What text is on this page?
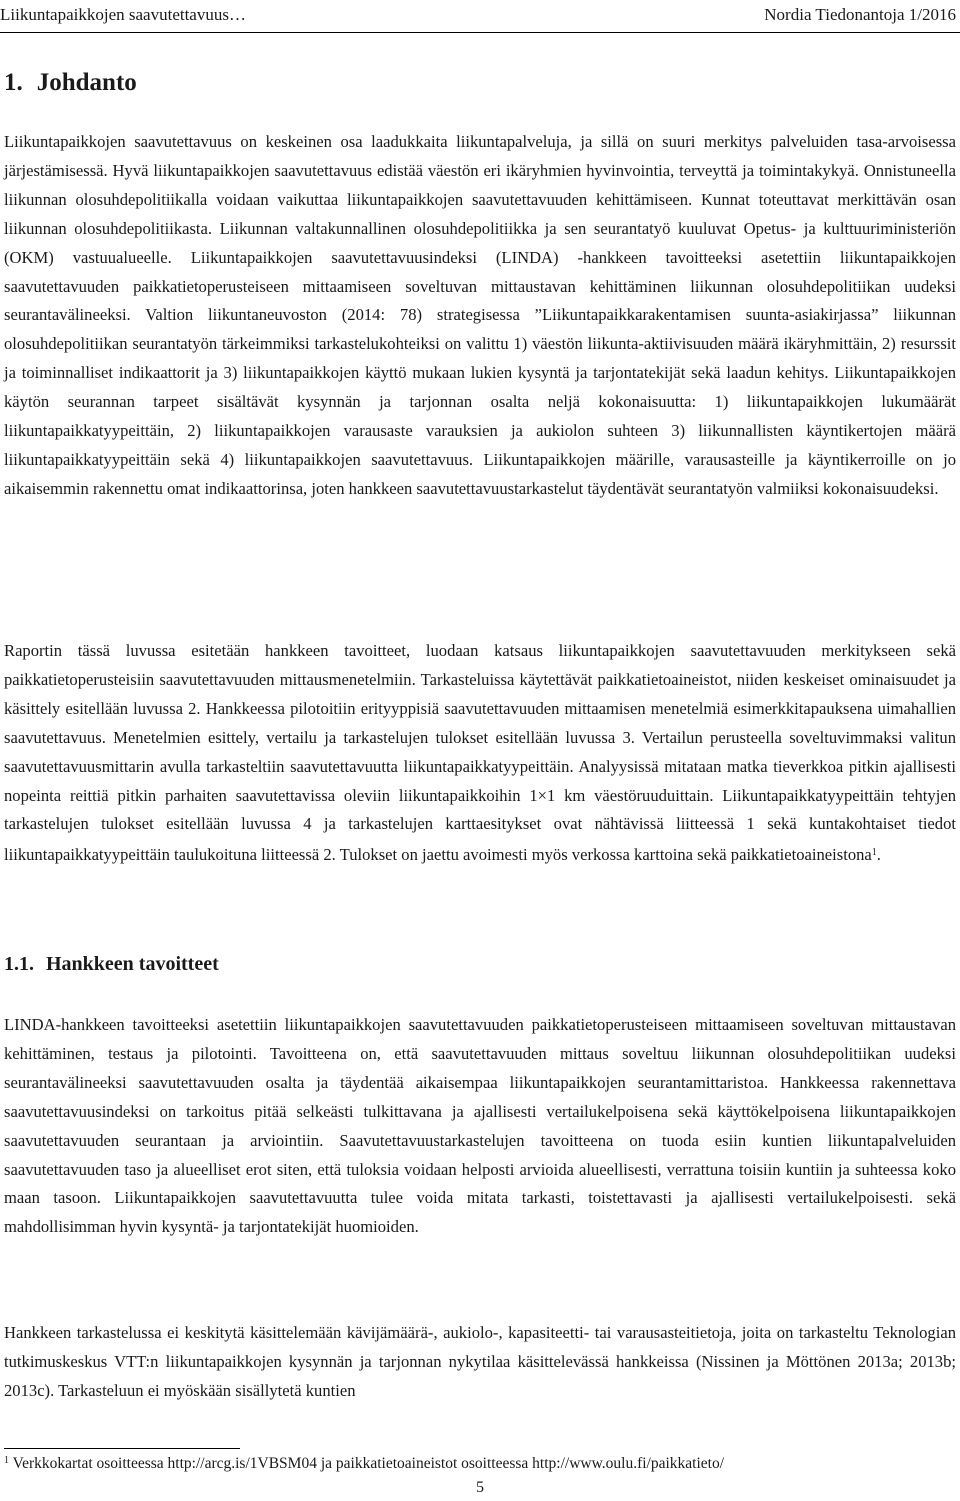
Liikuntapaikkojen saavutettavuus…	Nordia Tiedonantoja 1/2016
1. Johdanto

Liikuntapaikkojen saavutettavuus on keskeinen osa laadukkaita liikuntapalveluja, ja sillä on suuri merkitys palveluiden tasa-arvoisessa järjestämisessä. Hyvä liikuntapaikkojen saavutettavuus edistää väestön eri ikäryhmien hyvinvointia, terveyttä ja toimintakykyä. Onnistuneella liikunnan olosuhdepolitiikalla voidaan vaikuttaa liikuntapaikkojen saavutettavuuden kehittämiseen. Kunnat toteuttavat merkittävän osan liikunnan olosuhdepolitiikasta. Liikunnan valtakunnallinen olosuhdepolitiikka ja sen seurantatyö kuuluvat Opetus- ja kulttuuriministeriön (OKM) vastuualueelle. Liikuntapaikkojen saavutettavuusindeksi (LINDA) -hankkeen tavoitteeksi asetettiin liikuntapaikkojen saavutettavuuden paikkatietoperusteiseen mittaamiseen soveltuvan mittaustavan kehittäminen liikunnan olosuhdepolitiikan uudeksi seurantavälineeksi. Valtion liikuntaneuvoston (2014: 78) strategisessa ”Liikuntapaikkarakentamisen suunta-asiakirjassa” liikunnan olosuhdepolitiikan seurantatyön tärkeimmiksi tarkastelukohteiksi on valittu 1) väestön liikunta-aktiivisuuden määrä ikäryhmittäin, 2) resurssit ja toiminnalliset indikaattorit ja 3) liikuntapaikkojen käyttö mukaan lukien kysyntä ja tarjontatekijät sekä laadun kehitys. Liikuntapaikkojen käytön seurannan tarpeet sisältävät kysynnän ja tarjonnan osalta neljä kokonaisuutta: 1) liikuntapaikkojen lukumäärät liikuntapaikkatyypeittäin, 2) liikuntapaikkojen varausaste varauksien ja aukiolon suhteen 3) liikunnallisten käyntikertojen määrä liikuntapaikkatyypeittäin sekä 4) liikuntapaikkojen saavutettavuus. Liikuntapaikkojen määrille, varausasteille ja käyntikerroille on jo aikaisemmin rakennettu omat indikaattorinsa, joten hankkeen saavutettavuustarkastelut täydentävät seurantatyön valmiiksi kokonaisuudeksi.

Raportin tässä luvussa esitetään hankkeen tavoitteet, luodaan katsaus liikuntapaikkojen saavutettavuuden merkitykseen sekä paikkatietoperusteisiin saavutettavuuden mittausmenetelmiin. Tarkasteluissa käytettävät paikkatietoaineistot, niiden keskeiset ominaisuudet ja käsittely esitellään luvussa 2. Hankkeessa pilotoitiin erityyppisiä saavutettavuuden mittaamisen menetelmiä esimerkkitapauksena uimahallien saavutettavuus. Menetelmien esittely, vertailu ja tarkastelujen tulokset esitellään luvussa 3. Vertailun perusteella soveltuvimmaksi valitun saavutettavuusmittarin avulla tarkasteltiin saavutettavuutta liikuntapaikkatyypeittäin. Analyysissä mitataan matka tieverkkoa pitkin ajallisesti nopeinta reittiä pitkin parhaiten saavutettavissa oleviin liikuntapaikkoihin 1×1 km väestöruuduittain. Liikuntapaikkatyypeittäin tehtyjen tarkastelujen tulokset esitellään luvussa 4 ja tarkastelujen karttaesitykset ovat nähtävissä liitteessä 1 sekä kuntakohtaiset tiedot liikuntapaikkatyypeittäin taulukoituna liitteessä 2. Tulokset on jaettu avoimesti myös verkossa karttoina sekä paikkatietoaineistona$^1$.

1.1. Hankkeen tavoitteet

LINDA-hankkeen tavoitteeksi asetettiin liikuntapaikkojen saavutettavuuden paikkatietoperusteiseen mittaamiseen soveltuvan mittaustavan kehittäminen, testaus ja pilotointi. Tavoitteena on, että saavutettavuuden mittaus soveltuu liikunnan olosuhdepolitiikan uudeksi seurantavälineeksi saavutettavuuden osalta ja täydentää aikaisempaa liikuntapaikkojen seurantamittaristoa. Hankkeessa rakennettava saavutettavuusindeksi on tarkoitus pitää selkeästi tulkittavana ja ajallisesti vertailukelpoisena sekä käyttökelpoisena liikuntapaikkojen saavutettavuuden seurantaan ja arviointiin. Saavutettavuustarkastelujen tavoitteena on tuoda esiin kuntien liikuntapalveluiden saavutettavuuden taso ja alueelliset erot siten, että tuloksia voidaan helposti arvioida alueellisesti, verrattuna toisiin kuntiin ja suhteessa koko maan tasoon. Liikuntapaikkojen saavutettavuutta tulee voida mitata tarkasti, toistettavasti ja ajallisesti vertailukelpoisesti. sekä mahdollisimman hyvin kysyntä- ja tarjontatekijät huomioiden.

Hankkeen tarkastelussa ei keskitytä käsittelemään kävijämäärä-, aukiolo-, kapasiteetti- tai varausasteitietoja, joita on tarkasteltu Teknologian tutkimuskeskus VTT:n liikuntapaikkojen kysynnän ja tarjonnan nykytilaa käsittelevässä hankkeissa (Nissinen ja Möttönen 2013a; 2013b; 2013c). Tarkasteluun ei myöskään sisällytetä kuntien

$^1$ Verkkokartat osoitteessa http://arcg.is/1VBSM04 ja paikkatietoaineistot osoitteessa http://www.oulu.fi/paikkatieto/

5
